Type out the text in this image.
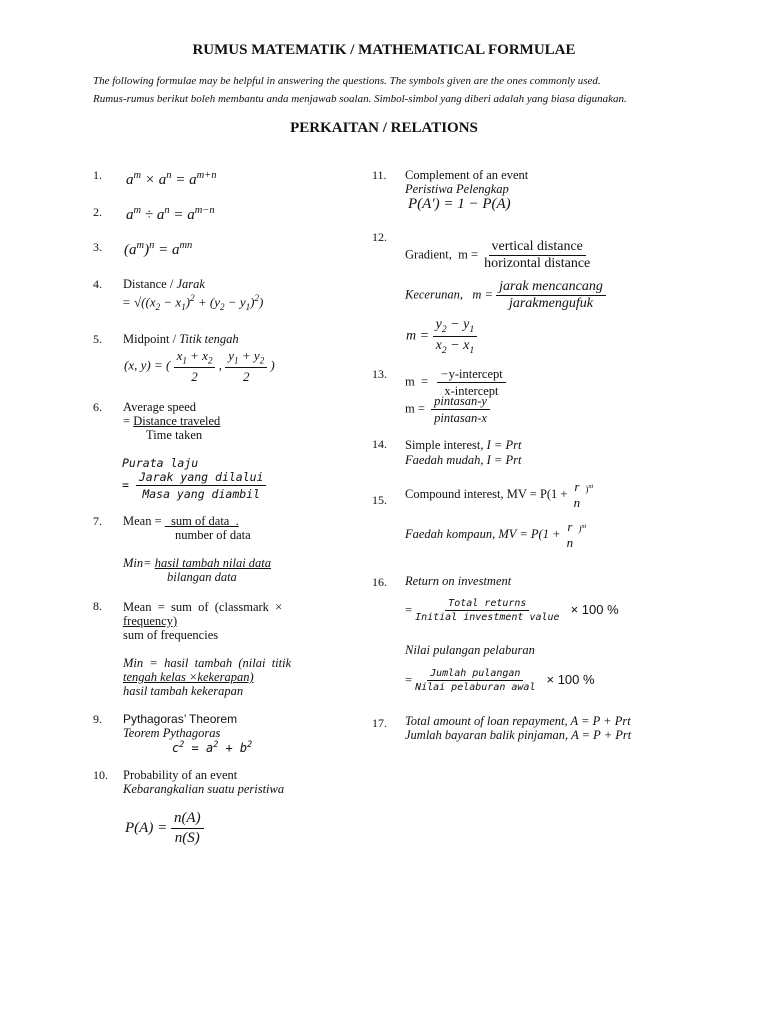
RUMUS MATEMATIK / MATHEMATICAL FORMULAE
The following formulae may be helpful in answering the questions. The symbols given are the ones commonly used.
Rumus-rumus berikut boleh membantu anda menjawab soalan. Simbol-simbol yang diberi adalah yang biasa digunakan.
PERKAITAN / RELATIONS
1. $a^m \times a^n = a^{m+n}$
2. $a^m \div a^n = a^{m-n}$
3. $(a^m)^n = a^{mn}$
4. Distance / Jarak
= $√((x_2 - x_1)^2 + (y_2 - y_1)^2)$
5. Midpoint / Titik tengah
(x, y) = ( $\frac{x_1 + x_2}{2}$ , $\frac{y_1 + y_2}{2}$ )
6. Average speed
= Distance traveled
Time taken
Purata laju
= $\frac{\text{Jarak yang dilalui}}{\text{Masa yang diambil}}$
7. Mean =   sum of data  .
number of data
Min= hasil tambah nilai data
bilangan data
8. Mean  =  sum  of  (classmark  ×
frequency)
sum of frequencies
Min  =  hasil  tambah  (nilai  titik
tengah kelas ×kekerapan)
hasil tambah kekerapan
9. Pythagoras’ Theorem
Teorem Pythagoras
$c^2 = a^2 + b^2$
10. Probability of an event
Kebarangkalian suatu peristiwa
$P(A) = \frac{n(A)}{n(S)}$
11. Complement of an event
Peristiwa Pelengkap
P(A′) = 1 − P(A)
12.
Gradient,  $m = \frac{\text{vertical distance}}{\text{horizontal distance}}$
Kecerunan,   $m = \frac{\text{jarak mencancang}}{\text{jarakmengufuk}}$
$m = \frac{y_2 - y_1}{x_2 - x_1}$
13.
$m = \frac{\text{−y-intercept}}{\text{x-intercept}}$
$m = \frac{\text{pintasan-y}}{\text{pintasan-x}}$
14. Simple interest, I = Prt
Faedah mudah, I = Prt
15. Compound interest, MV = P(1 + r
n
$^{)^{nt}}$
Faedah kompaun, MV = P(1 + r
n
$^{)^{nt}}$
16. Return on investment
= $\frac{\text{Total returns}}{\text{Initial investment value}} \times 100$ %
Nilai pulangan pelaburan
= $\frac{\text{Jumlah pulangan}}{\text{Nilai pelaburan awal}} \times 100$ %
17. Total amount of loan repayment, A = P + Prt
Jumlah bayaran balik pinjaman, A = P + Prt
